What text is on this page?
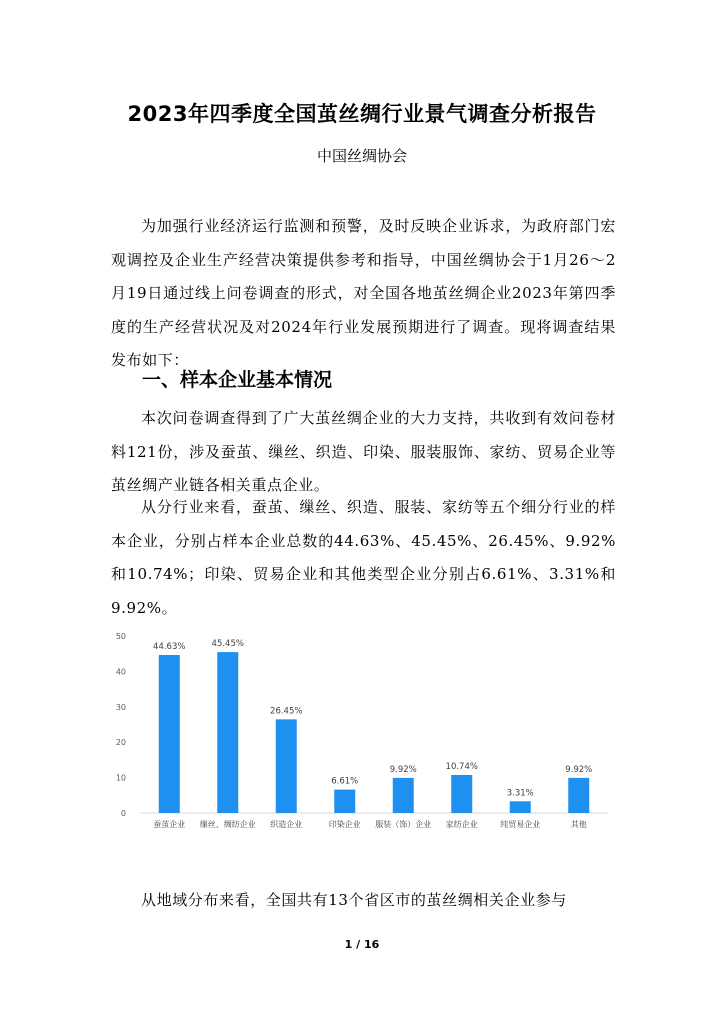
2023年四季度全国茧丝绸行业景气调查分析报告
中国丝绸协会

为加强行业经济运行监测和预警，及时反映企业诉求，为政府部门宏观调控及企业生产经营决策提供参考和指导，中国丝绸协会于1月26～2月19日通过线上问卷调查的形式，对全国各地茧丝绸企业2023年第四季度的生产经营状况及对2024年行业发展预期进行了调查。现将调查结果发布如下：

一、样本企业基本情况

本次问卷调查得到了广大茧丝绸企业的大力支持，共收到有效问卷材料121份，涉及蚕茧、缫丝、织造、印染、服装服饰、家纺、贸易企业等茧丝绸产业链各相关重点企业。

从分行业来看，蚕茧、缫丝、织造、服装、家纺等五个细分行业的样本企业，分别占样本企业总数的44.63%、45.45%、26.45%、9.92%和10.74%；印染、贸易企业和其他类型企业分别占6.61%、3.31%和9.92%。

0
10
20
30
40
50
44.63%
蚕茧企业
45.45%
缫丝、绸纺企业
26.45%
织造企业
6.61%
印染企业
9.92%
服装（饰）企业
10.74%
家纺企业
3.31%
纯贸易企业
9.92%
其他

从地域分布来看，全国共有13个省区市的茧丝绸相关企业参与

1 / 16
